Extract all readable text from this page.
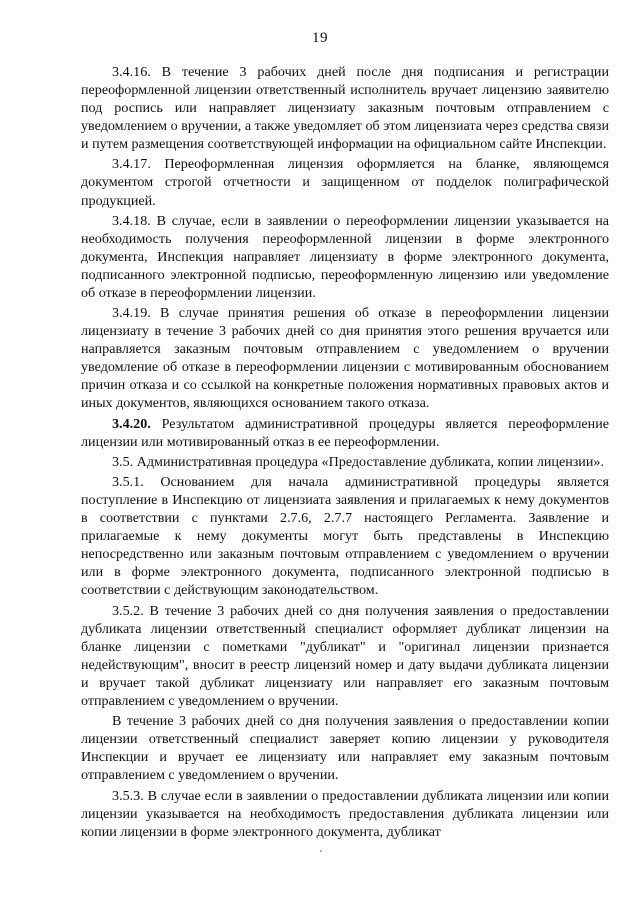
19

3.4.16. В течение 3 рабочих дней после дня подписания и регистрации переоформленной лицензии ответственный исполнитель вручает лицензию заявителю под роспись или направляет лицензиату заказным почтовым отправлением с уведомлением о вручении, а также уведомляет об этом лицензиата через средства связи и путем размещения соответствующей информации на официальном сайте Инспекции.

3.4.17. Переоформленная лицензия оформляется на бланке, являющемся документом строгой отчетности и защищенном от подделок полиграфической продукцией.

3.4.18. В случае, если в заявлении о переоформлении лицензии указывается на необходимость получения переоформленной лицензии в форме электронного документа, Инспекция направляет лицензиату в форме электронного документа, подписанного электронной подписью, переоформленную лицензию или уведомление об отказе в переоформлении лицензии.

3.4.19. В случае принятия решения об отказе в переоформлении лицензии лицензиату в течение 3 рабочих дней со дня принятия этого решения вручается или направляется заказным почтовым отправлением с уведомлением о вручении уведомление об отказе в переоформлении лицензии с мотивированным обоснованием причин отказа и со ссылкой на конкретные положения нормативных правовых актов и иных документов, являющихся основанием такого отказа.

3.4.20. Результатом административной процедуры является переоформление лицензии или мотивированный отказ в ее переоформлении.

3.5. Административная процедура «Предоставление дубликата, копии лицензии».

3.5.1. Основанием для начала административной процедуры является поступление в Инспекцию от лицензиата заявления и прилагаемых к нему документов в соответствии с пунктами 2.7.6, 2.7.7 настоящего Регламента. Заявление и прилагаемые к нему документы могут быть представлены в Инспекцию непосредственно или заказным почтовым отправлением с уведомлением о вручении или в форме электронного документа, подписанного электронной подписью в соответствии с действующим законодательством.

3.5.2. В течение 3 рабочих дней со дня получения заявления о предоставлении дубликата лицензии ответственный специалист оформляет дубликат лицензии на бланке лицензии с пометками "дубликат" и "оригинал лицензии признается недействующим", вносит в реестр лицензий номер и дату выдачи дубликата лицензии и вручает такой дубликат лицензиату или направляет его заказным почтовым отправлением с уведомлением о вручении.

В течение 3 рабочих дней со дня получения заявления о предоставлении копии лицензии ответственный специалист заверяет копию лицензии у руководителя Инспекции и вручает ее лицензиату или направляет ему заказным почтовым отправлением с уведомлением о вручении.

3.5.3. В случае если в заявлении о предоставлении дубликата лицензии или копии лицензии указывается на необходимость предоставления дубликата лицензии или копии лицензии в форме электронного документа, дубликат
